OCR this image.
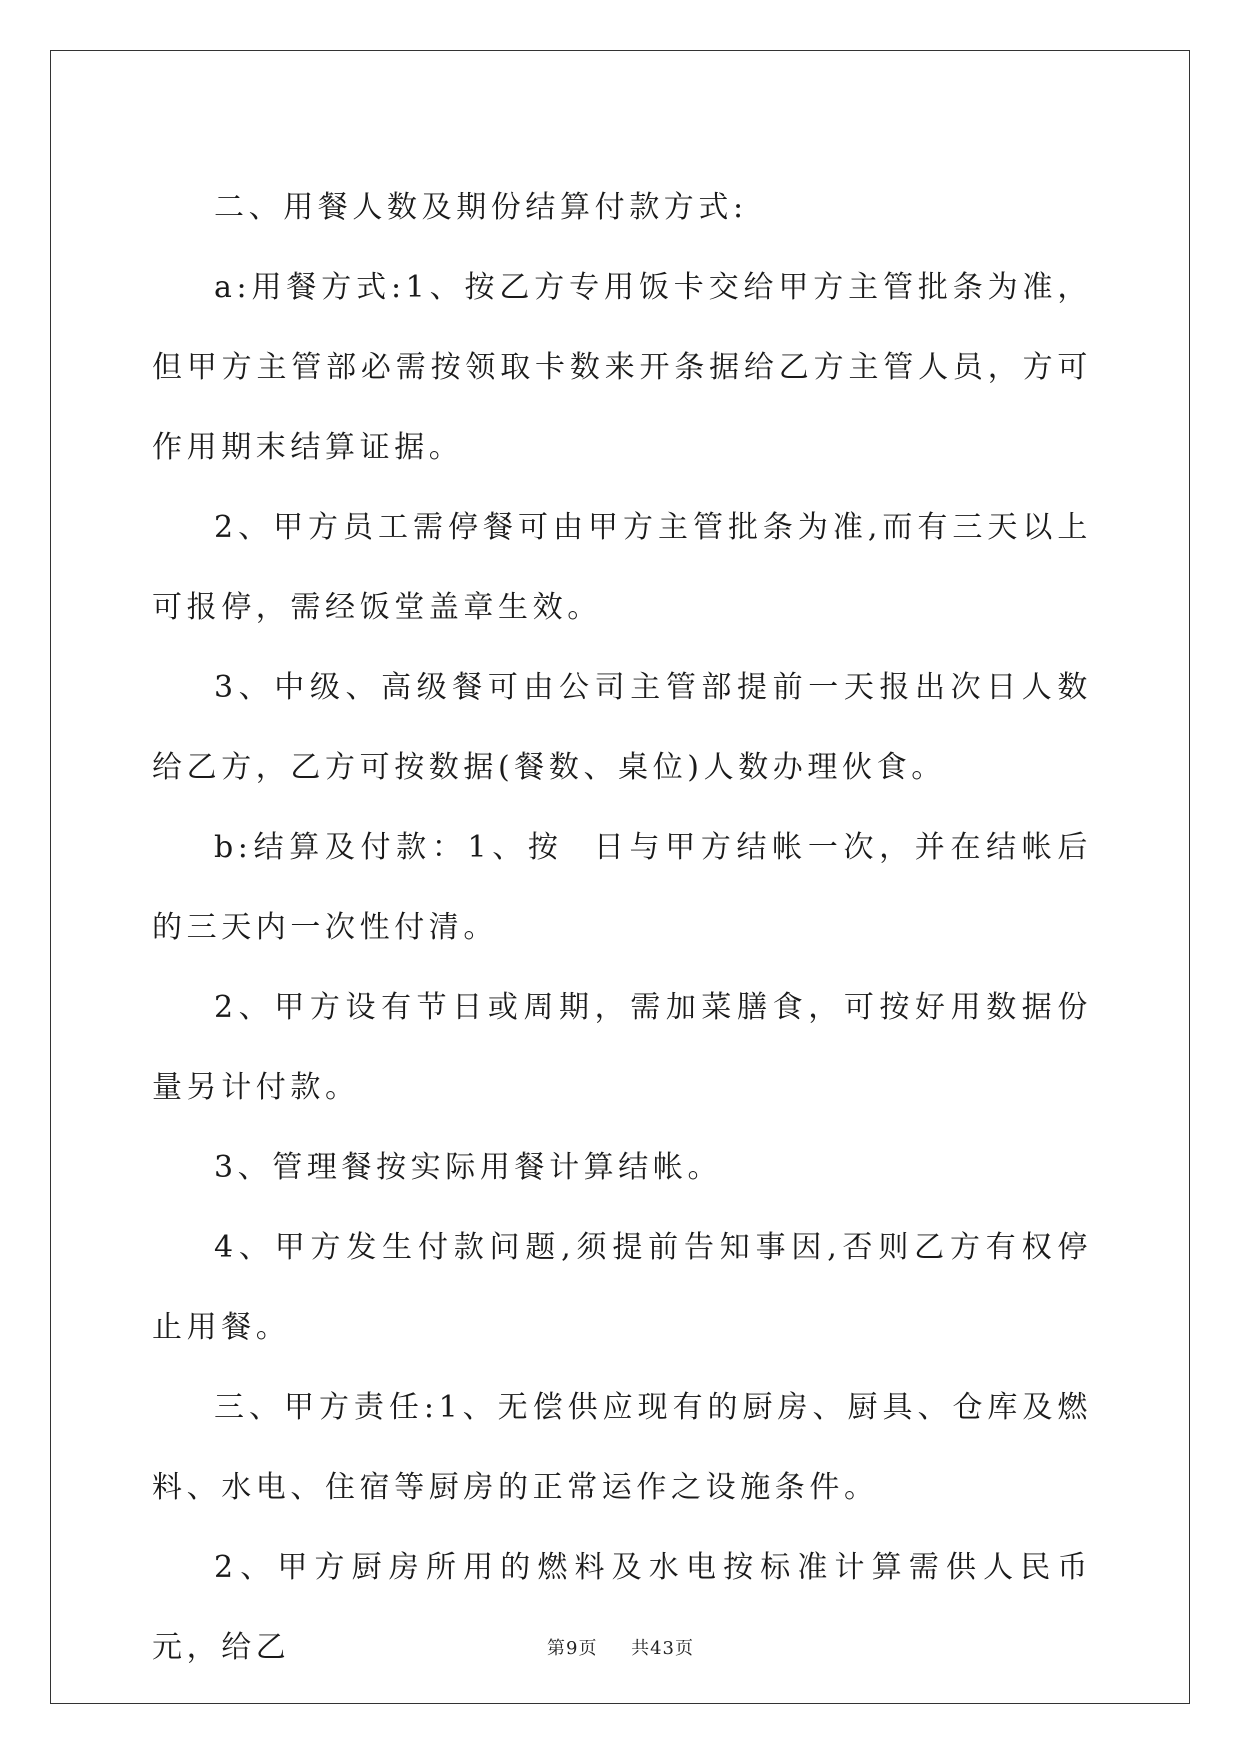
二、用餐人数及期份结算付款方式:

a:用餐方式:1、按乙方专用饭卡交给甲方主管批条为准，但甲方主管部必需按领取卡数来开条据给乙方主管人员，方可作用期末结算证据。

2、甲方员工需停餐可由甲方主管批条为准,而有三天以上可报停，需经饭堂盖章生效。

3、中级、高级餐可由公司主管部提前一天报出次日人数给乙方，乙方可按数据(餐数、桌位)人数办理伙食。

b:结算及付款：1、按  日与甲方结帐一次，并在结帐后的三天内一次性付清。

2、甲方设有节日或周期，需加菜膳食，可按好用数据份量另计付款。

3、管理餐按实际用餐计算结帐。

4、甲方发生付款问题,须提前告知事因,否则乙方有权停止用餐。

三、甲方责任:1、无偿供应现有的厨房、厨具、仓库及燃料、水电、住宿等厨房的正常运作之设施条件。

2、甲方厨房所用的燃料及水电按标准计算需供人民币  元，给乙	第9页 共43页
